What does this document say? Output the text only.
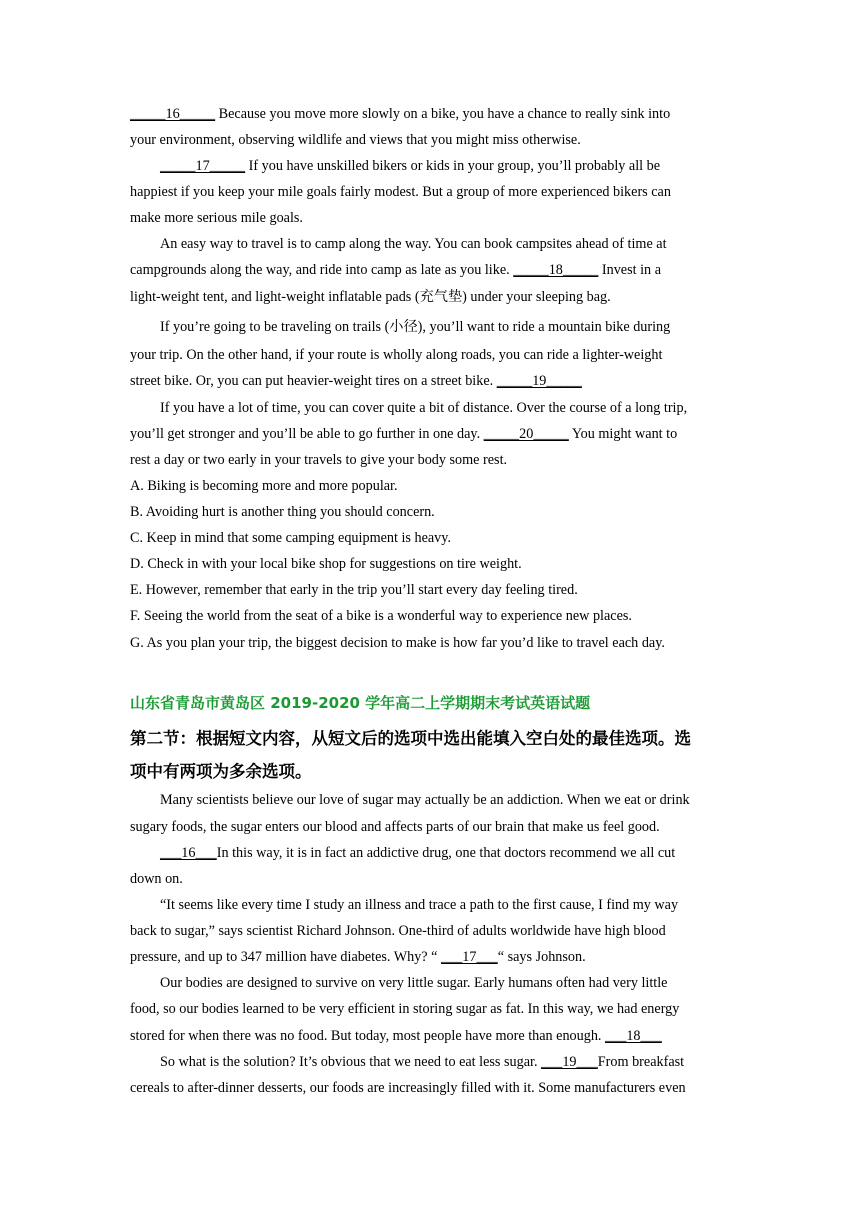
_____16_____ Because you move more slowly on a bike, you have a chance to really sink into
your environment, observing wildlife and views that you might miss otherwise.
_____17_____ If you have unskilled bikers or kids in your group, you’ll probably all be
happiest if you keep your mile goals fairly modest. But a group of more experienced bikers can
make more serious mile goals.
An easy way to travel is to camp along the way. You can book campsites ahead of time at
campgrounds along the way, and ride into camp as late as you like. _____18_____ Invest in a
light-weight tent, and light-weight inflatable pads (充气垫) under your sleeping bag.
If you’re going to be traveling on trails (小径), you’ll want to ride a mountain bike during
your trip. On the other hand, if your route is wholly along roads, you can ride a lighter-weight
street bike. Or, you can put heavier-weight tires on a street bike. _____19_____
If you have a lot of time, you can cover quite a bit of distance. Over the course of a long trip,
you’ll get stronger and you’ll be able to go further in one day. _____20_____ You might want to
rest a day or two early in your travels to give your body some rest.
A. Biking is becoming more and more popular.
B. Avoiding hurt is another thing you should concern.
C. Keep in mind that some camping equipment is heavy.
D. Check in with your local bike shop for suggestions on tire weight.
E. However, remember that early in the trip you’ll start every day feeling tired.
F. Seeing the world from the seat of a bike is a wonderful way to experience new places.
G. As you plan your trip, the biggest decision to make is how far you’d like to travel each day.
山东省青岛市黄岛区 2019-2020 学年高二上学期期末考试英语试题
第二节：根据短文内容，从短文后的选项中选出能填入空白处的最佳选项。选
项中有两项为多余选项。
Many scientists believe our love of sugar may actually be an addiction. When we eat or drink
sugary foods, the sugar enters our blood and affects parts of our brain that make us feel good.
___16___In this way, it is in fact an addictive drug, one that doctors recommend we all cut
down on.
“It seems like every time I study an illness and trace a path to the first cause, I find my way
back to sugar,” says scientist Richard Johnson. One-third of adults worldwide have high blood
pressure, and up to 347 million have diabetes. Why? “ ___17___“ says Johnson.
Our bodies are designed to survive on very little sugar. Early humans often had very little
food, so our bodies learned to be very efficient in storing sugar as fat. In this way, we had energy
stored for when there was no food. But today, most people have more than enough. ___18___
So what is the solution? It’s obvious that we need to eat less sugar. ___19___From breakfast
cereals to after-dinner desserts, our foods are increasingly filled with it. Some manufacturers even
